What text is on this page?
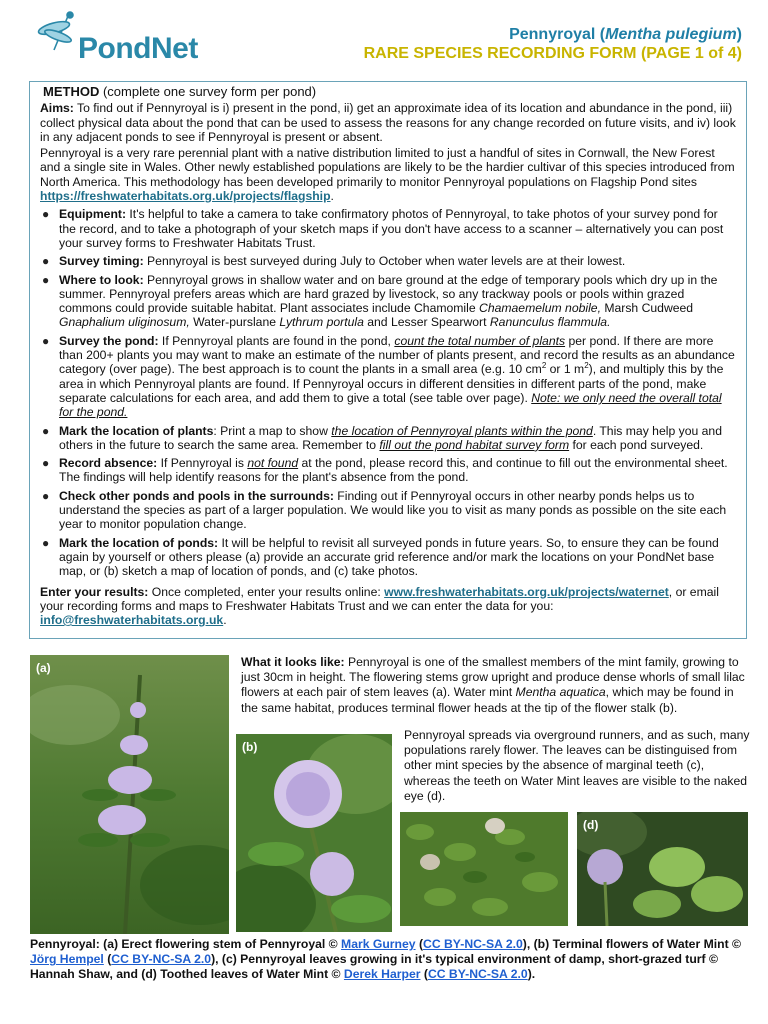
PondNet	Pennyroyal (Mentha pulegium)
RARE SPECIES RECORDING FORM (PAGE 1 of 4)
METHOD (complete one survey form per pond)

Aims: To find out if Pennyroyal is i) present in the pond, ii) get an approximate idea of its location and abundance in the pond, iii) collect physical data about the pond that can be used to assess the reasons for any change recorded on future visits, and iv) look in any adjacent ponds to see if Pennyroyal is present or absent.

Pennyroyal is a very rare perennial plant with a native distribution limited to just a handful of sites in Cornwall, the New Forest and a single site in Wales. Other newly established populations are likely to be the hardier cultivar of this species introduced from North America. This methodology has been developed primarily to monitor Pennyroyal populations on Flagship Pond sites https://freshwaterhabitats.org.uk/projects/flagship.

● Equipment: It's helpful to take a camera to take confirmatory photos of Pennyroyal, to take photos of your survey pond for the record, and to take a photograph of your sketch maps if you don't have access to a scanner – alternatively you can post your survey forms to Freshwater Habitats Trust.
● Survey timing: Pennyroyal is best surveyed during July to October when water levels are at their lowest.
● Where to look: Pennyroyal grows in shallow water and on bare ground at the edge of temporary pools which dry up in the summer. Pennyroyal prefers areas which are hard grazed by livestock, so any trackway pools or pools within grazed commons could provide suitable habitat. Plant associates include Chamomile Chamaemelum nobile, Marsh Cudweed Gnaphalium uliginosum, Water-purslane Lythrum portula and Lesser Spearwort Ranunculus flammula.
● Survey the pond: If Pennyroyal plants are found in the pond, count the total number of plants per pond. If there are more than 200+ plants you may want to make an estimate of the number of plants present, and record the results as an abundance category (over page). The best approach is to count the plants in a small area (e.g. 10 $cm^2$ or 1 $m^2$), and multiply this by the area in which Pennyroyal plants are found. If Pennyroyal occurs in different densities in different parts of the pond, make separate calculations for each area, and add them to give a total (see table over page). Note: we only need the overall total for the pond.
● Mark the location of plants: Print a map to show the location of Pennyroyal plants within the pond. This may help you and others in the future to search the same area. Remember to fill out the pond habitat survey form for each pond surveyed.
● Record absence: If Pennyroyal is not found at the pond, please record this, and continue to fill out the environmental sheet. The findings will help identify reasons for the plant's absence from the pond.
● Check other ponds and pools in the surrounds: Finding out if Pennyroyal occurs in other nearby ponds helps us to understand the species as part of a larger population. We would like you to visit as many ponds as possible on the site each year to monitor population change.
● Mark the location of ponds: It will be helpful to revisit all surveyed ponds in future years. So, to ensure they can be found again by yourself or others please (a) provide an accurate grid reference and/or mark the locations on your PondNet base map, or (b) sketch a map of location of ponds, and (c) take photos.

Enter your results: Once completed, enter your results online: www.freshwaterhabitats.org.uk/projects/waternet, or email your recording forms and maps to Freshwater Habitats Trust and we can enter the data for you: info@freshwaterhabitats.org.uk.

(a)	What it looks like: Pennyroyal is one of the smallest members of the mint family, growing to just 30cm in height. The flowering stems grow upright and produce dense whorls of small lilac flowers at each pair of stem leaves (a). Water mint Mentha aquatica, which may be found in the same habitat, produces terminal flower heads at the tip of the flower stalk (b).
(b)
Pennyroyal spreads via overground runners, and as such, many populations rarely flower. The leaves can be distinguised from other mint species by the absence of marginal teeth (c), whereas the teeth on Water Mint leaves are visible to the naked eye (d).
(d)
Pennyroyal: (a) Erect flowering stem of Pennyroyal © Mark Gurney (CC BY-NC-SA 2.0), (b) Terminal flowers of Water Mint © Jörg Hempel (CC BY-NC-SA 2.0), (c) Pennyroyal leaves growing in it's typical environment of damp, short-grazed turf © Hannah Shaw, and (d) Toothed leaves of Water Mint © Derek Harper (CC BY-NC-SA 2.0).
